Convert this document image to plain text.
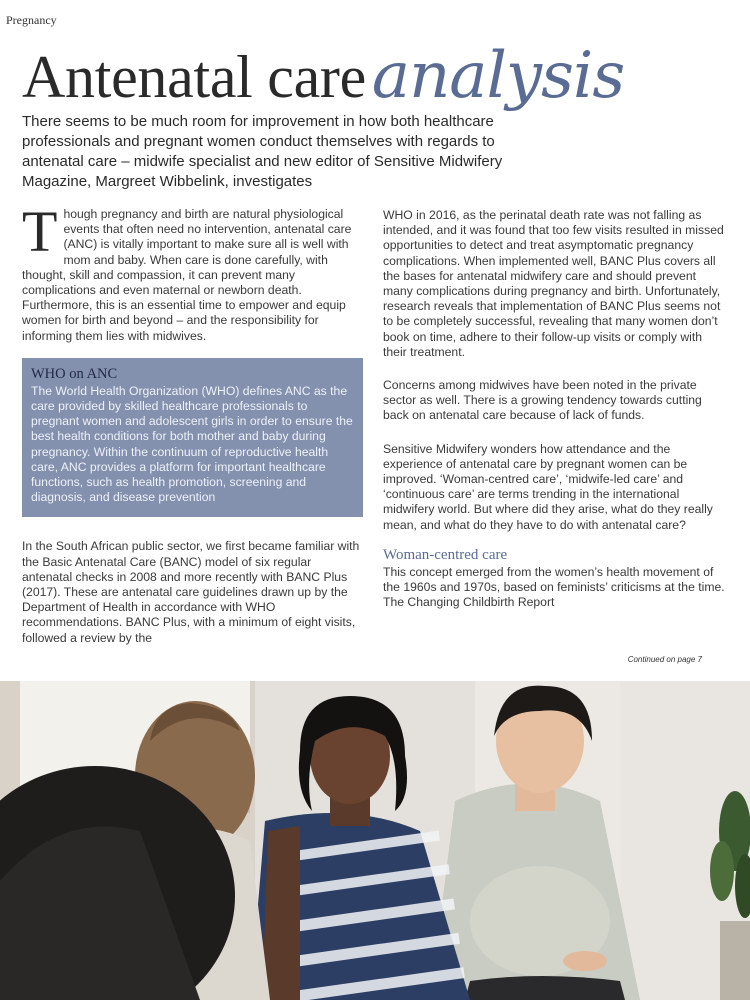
Pregnancy
Antenatal careanalysis

There seems to be much room for improvement in how both healthcare professionals and pregnant women conduct themselves with regards to antenatal care – midwife specialist and new editor of Sensitive Midwifery Magazine, Margreet Wibbelink, investigates

Though pregnancy and birth are natural physiological events that often need no intervention, antenatal care (ANC) is vitally important to make sure all is well with mom and baby. When care is done carefully, with thought, skill and compassion, it can prevent many complications and even maternal or newborn death. Furthermore, this is an essential time to empower and equip women for birth and beyond – and the responsibility for informing them lies with midwives.

WHO on ANC

The World Health Organization (WHO) defines ANC as the care provided by skilled healthcare professionals to pregnant women and adolescent girls in order to ensure the best health conditions for both mother and baby during pregnancy. Within the continuum of reproductive health care, ANC provides a platform for important healthcare functions, such as health promotion, screening and diagnosis, and disease prevention

In the South African public sector, we first became familiar with the Basic Antenatal Care (BANC) model of six regular antenatal checks in 2008 and more recently with BANC Plus (2017). These are antenatal care guidelines drawn up by the Department of Health in accordance with WHO recommendations. BANC Plus, with a minimum of eight visits, followed a review by the

WHO in 2016, as the perinatal death rate was not falling as intended, and it was found that too few visits resulted in missed opportunities to detect and treat asymptomatic pregnancy complications. When implemented well, BANC Plus covers all the bases for antenatal midwifery care and should prevent many complications during pregnancy and birth. Unfortunately, research reveals that implementation of BANC Plus seems not to be completely successful, revealing that many women don’t book on time, adhere to their follow-up visits or comply with their treatment.

Concerns among midwives have been noted in the private sector as well. There is a growing tendency towards cutting back on antenatal care because of lack of funds.

Sensitive Midwifery wonders how attendance and the experience of antenatal care by pregnant women can be improved. ‘Woman-centred care’, ‘midwife-led care’ and ‘continuous care’ are terms trending in the international midwifery world. But where did they arise, what do they really mean, and what do they have to do with antenatal care?

Woman-centred care

This concept emerged from the women’s health movement of the 1960s and 1970s, based on feminists’ criticisms at the time. The Changing Childbirth Report

Continued on page 7
